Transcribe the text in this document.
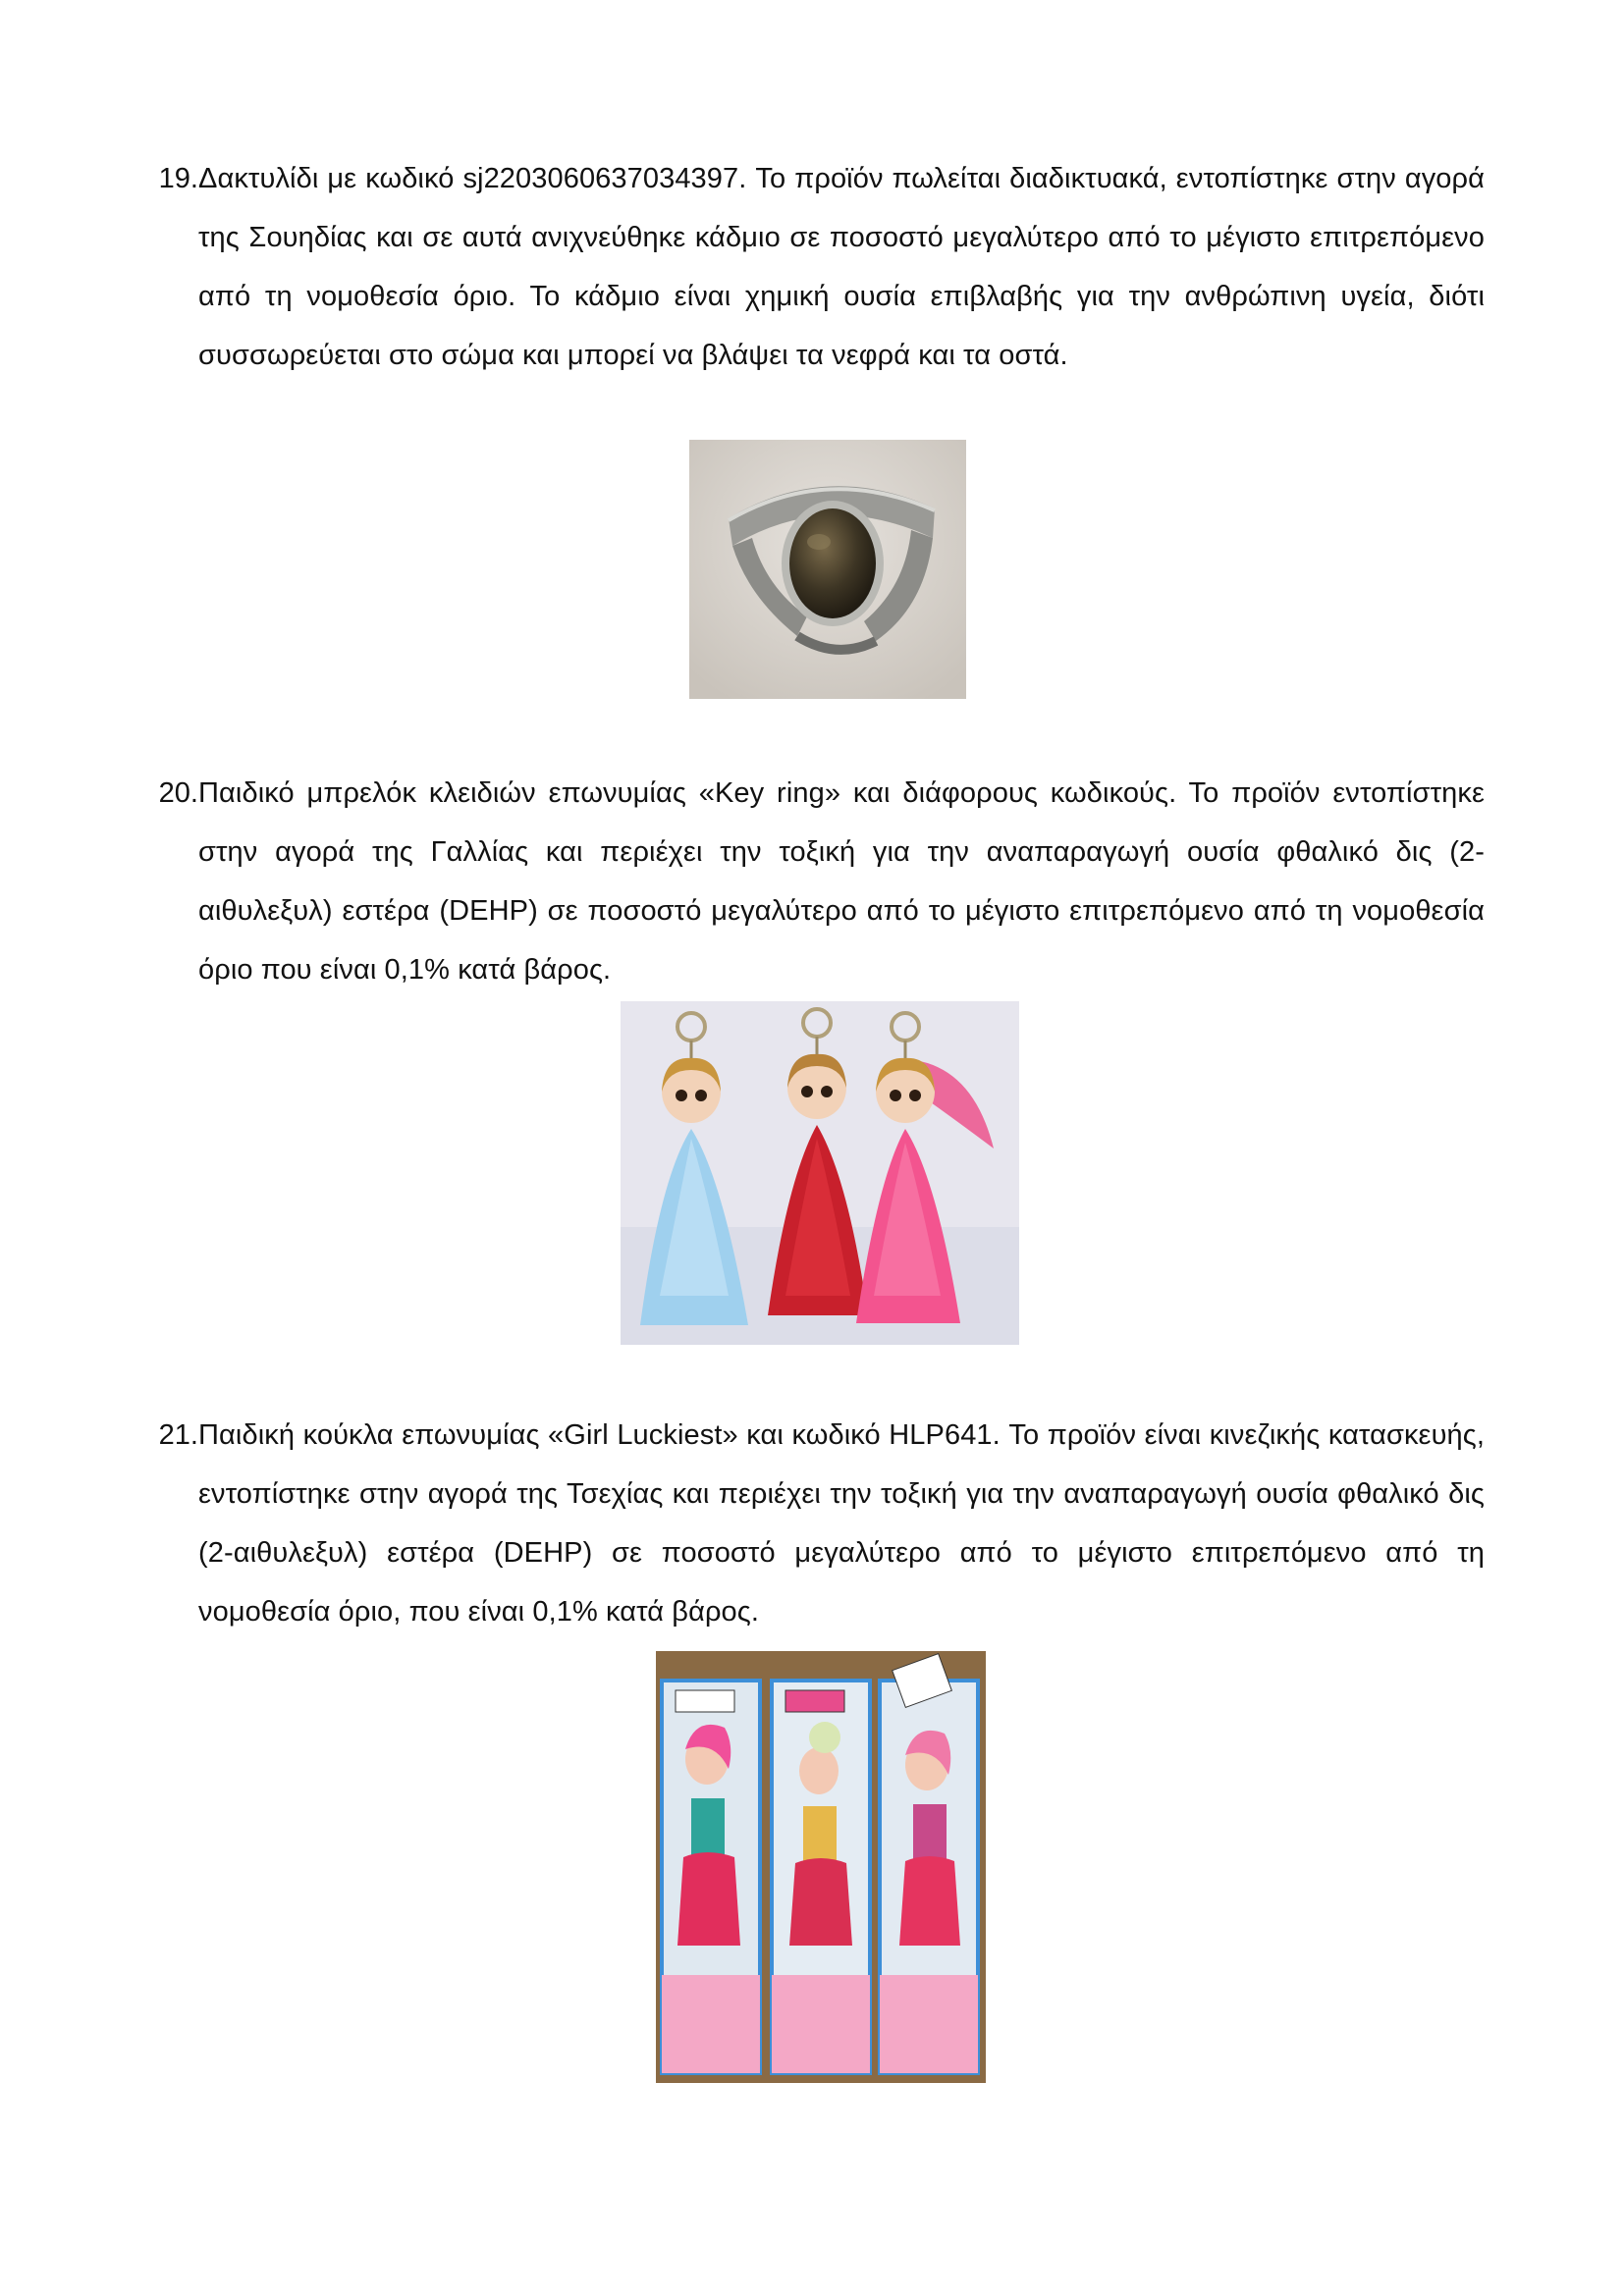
19. Δακτυλίδι με κωδικό sj2203060637034397. Το προϊόν πωλείται διαδικτυακά, εντοπίστηκε στην αγορά της Σουηδίας και σε αυτά ανιχνεύθηκε κάδμιο σε ποσοστό μεγαλύτερο από το μέγιστο επιτρεπόμενο από τη νομοθεσία όριο. Το κάδμιο είναι χημική ουσία επιβλαβής για την ανθρώπινη υγεία, διότι συσσωρεύεται στο σώμα και μπορεί να βλάψει τα νεφρά και τα οστά.
20. Παιδικό μπρελόκ κλειδιών επωνυμίας «Key ring» και διάφορους κωδικούς. Το προϊόν εντοπίστηκε στην αγορά της Γαλλίας και περιέχει την τοξική για την αναπαραγωγή ουσία φθαλικό δις (2-αιθυλεξυλ) εστέρα (DEHP) σε ποσοστό μεγαλύτερο από το μέγιστο επιτρεπόμενο από τη νομοθεσία όριο που είναι 0,1% κατά βάρος.
21. Παιδική κούκλα επωνυμίας «Girl Luckiest» και κωδικό HLP641. Το προϊόν είναι κινεζικής κατασκευής, εντοπίστηκε στην αγορά της Τσεχίας και περιέχει την τοξική για την αναπαραγωγή ουσία φθαλικό δις (2-αιθυλεξυλ) εστέρα (DEHP) σε ποσοστό μεγαλύτερο από το μέγιστο επιτρεπόμενο από τη νομοθεσία όριο, που είναι 0,1% κατά βάρος.
